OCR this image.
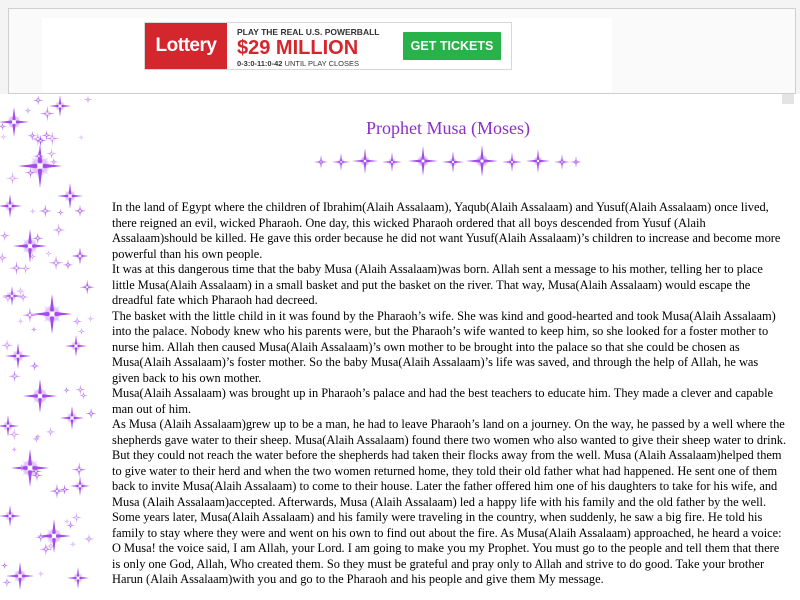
Lottery
PLAY THE REAL U.S. POWERBALL
$29 MILLION
0-3:0-11:0-42 UNTIL PLAY CLOSES
GET TICKETS
Prophet Musa (Moses)

In the land of Egypt where the children of Ibrahim(Alaih Assalaam), Yaqub(Alaih Assalaam) and Yusuf(Alaih Assalaam) once lived, there reigned an evil, wicked Pharaoh. One day, this wicked Pharaoh ordered that all boys descended from Yusuf (Alaih Assalaam)should be killed. He gave this order because he did not want Yusuf(Alaih Assalaam)’s children to increase and become more powerful than his own people.

It was at this dangerous time that the baby Musa (Alaih Assalaam)was born. Allah sent a message to his mother, telling her to place little Musa(Alaih Assalaam) in a small basket and put the basket on the river. That way, Musa(Alaih Assalaam) would escape the dreadful fate which Pharaoh had decreed.

The basket with the little child in it was found by the Pharaoh’s wife. She was kind and good-hearted and took Musa(Alaih Assalaam) into the palace. Nobody knew who his parents were, but the Pharaoh’s wife wanted to keep him, so she looked for a foster mother to nurse him. Allah then caused Musa(Alaih Assalaam)’s own mother to be brought into the palace so that she could be chosen as Musa(Alaih Assalaam)’s foster mother. So the baby Musa(Alaih Assalaam)’s life was saved, and through the help of Allah, he was given back to his own mother.

Musa(Alaih Assalaam) was brought up in Pharaoh’s palace and had the best teachers to educate him. They made a clever and capable man out of him.

As Musa (Alaih Assalaam)grew up to be a man, he had to leave Pharaoh’s land on a journey. On the way, he passed by a well where the shepherds gave water to their sheep. Musa(Alaih Assalaam) found there two women who also wanted to give their sheep water to drink. But they could not reach the water before the shepherds had taken their flocks away from the well. Musa (Alaih Assalaam)helped them to give water to their herd and when the two women returned home, they told their old father what had happened. He sent one of them back to invite Musa(Alaih Assalaam) to come to their house. Later the father offered him one of his daughters to take for his wife, and Musa (Alaih Assalaam)accepted. Afterwards, Musa (Alaih Assalaam) led a happy life with his family and the old father by the well.

Some years later, Musa(Alaih Assalaam) and his family were traveling in the country, when suddenly, he saw a big fire. He told his family to stay where they were and went on his own to find out about the fire. As Musa(Alaih Assalaam) approached, he heard a voice: O Musa! the voice said, I am Allah, your Lord. I am going to make you my Prophet. You must go to the people and tell them that there is only one God, Allah, Who created them. So they must be grateful and pray only to Allah and strive to do good. Take your brother Harun (Alaih Assalaam)with you and go to the Pharaoh and his people and give them My message.
